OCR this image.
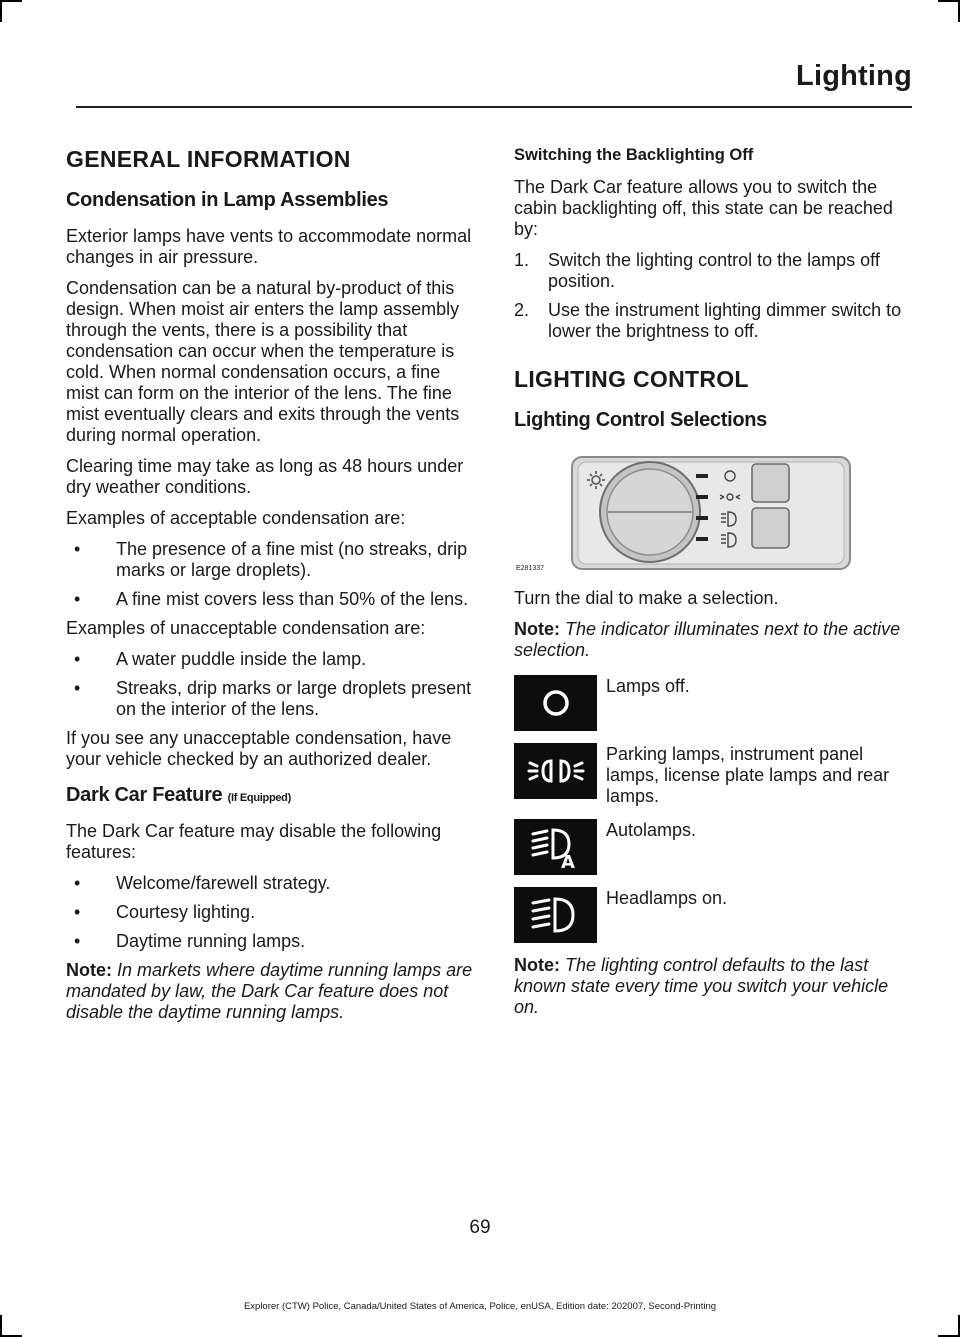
Lighting
GENERAL INFORMATION
Condensation in Lamp Assemblies

Exterior lamps have vents to accommodate normal changes in air pressure.

Condensation can be a natural by-product of this design. When moist air enters the lamp assembly through the vents, there is a possibility that condensation can occur when the temperature is cold. When normal condensation occurs, a fine mist can form on the interior of the lens. The fine mist eventually clears and exits through the vents during normal operation.

Clearing time may take as long as 48 hours under dry weather conditions.

Examples of acceptable condensation are:

• The presence of a fine mist (no streaks, drip marks or large droplets).
• A fine mist covers less than 50% of the lens.

Examples of unacceptable condensation are:

• A water puddle inside the lamp.
• Streaks, drip marks or large droplets present on the interior of the lens.

If you see any unacceptable condensation, have your vehicle checked by an authorized dealer.

Dark Car Feature (If Equipped)

The Dark Car feature may disable the following features:

• Welcome/farewell strategy.
• Courtesy lighting.
• Daytime running lamps.

Note: In markets where daytime running lamps are mandated by law, the Dark Car feature does not disable the daytime running lamps.

Switching the Backlighting Off

The Dark Car feature allows you to switch the cabin backlighting off, this state can be reached by:

1. Switch the lighting control to the lamps off position.
2. Use the instrument lighting dimmer switch to lower the brightness to off.
LIGHTING CONTROL
Lighting Control Selections
E281337

Turn the dial to make a selection.

Note: The indicator illuminates next to the active selection.

Lamps off.

Parking lamps, instrument panel lamps, license plate lamps and rear lamps.

A

Autolamps.

Headlamps on.

Note: The lighting control defaults to the last known state every time you switch your vehicle on.

69
Explorer (CTW) Police, Canada/United States of America, Police, enUSA, Edition date: 202007, Second-Printing
